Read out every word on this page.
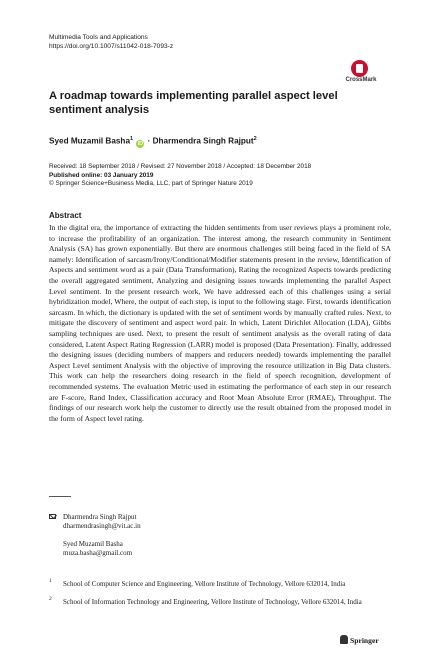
Multimedia Tools and Applications
https://doi.org/10.1007/s11042-018-7093-z
CrossMark
A roadmap towards implementing parallel aspect level sentiment analysis
Syed Muzamil Basha$^1$ iD · Dharmendra Singh Rajput$^2$
Received: 18 September 2018 / Revised: 27 November 2018 / Accepted: 18 December 2018
Published online: 03 January 2019
© Springer Science+Business Media, LLC, part of Springer Nature 2019
Abstract

In the digital era, the importance of extracting the hidden sentiments from user reviews plays a prominent role, to increase the profitability of an organization. The interest among, the research community in Sentiment Analysis (SA) has grown exponentially. But there are enormous challenges still being faced in the field of SA namely: Identification of sarcasm/Irony/Conditional/Modifier statements present in the review, Identification of Aspects and sentiment word as a pair (Data Transformation), Rating the recognized Aspects towards predicting the overall aggregated sentiment, Analyzing and designing issues towards implementing the parallel Aspect Level sentiment. In the present research work, We have addressed each of this challenges using a serial hybridization model, Where, the output of each step, is input to the following stage. First, towards identification sarcasm. In which, the dictionary is updated with the set of sentiment words by manually crafted rules. Next, to mitigate the discovery of sentiment and aspect word pair. In which, Latent Dirichlet Allocation (LDA), Gibbs sampling techniques are used. Next, to present the result of sentiment analysis as the overall rating of data considered, Latent Aspect Rating Regression (LARR) model is proposed (Data Presentation). Finally, addressed the designing issues (deciding numbers of mappers and reducers needed) towards implementing the parallel Aspect Level sentiment Analysis with the objective of improving the resource utilization in Big Data clusters. This work can help the researchers doing research in the field of speech recognition, development of recommended systems. The evaluation Metric used in estimating the performance of each step in our research are F-score, Rand Index, Classification accuracy and Root Mean Absolute Error (RMAE), Throughput. The findings of our research work help the customer to directly use the result obtained from the proposed model in the form of Aspect level rating.

Dharmendra Singh Rajput
dharmendrasingh@vit.ac.in
Syed Muzamil Basha
muza.basha@gmail.com
1 School of Computer Science and Engineering, Vellore Institute of Technology, Vellore 632014, India
2 School of Information Technology and Engineering, Vellore Institute of Technology, Vellore 632014, India
Springer
